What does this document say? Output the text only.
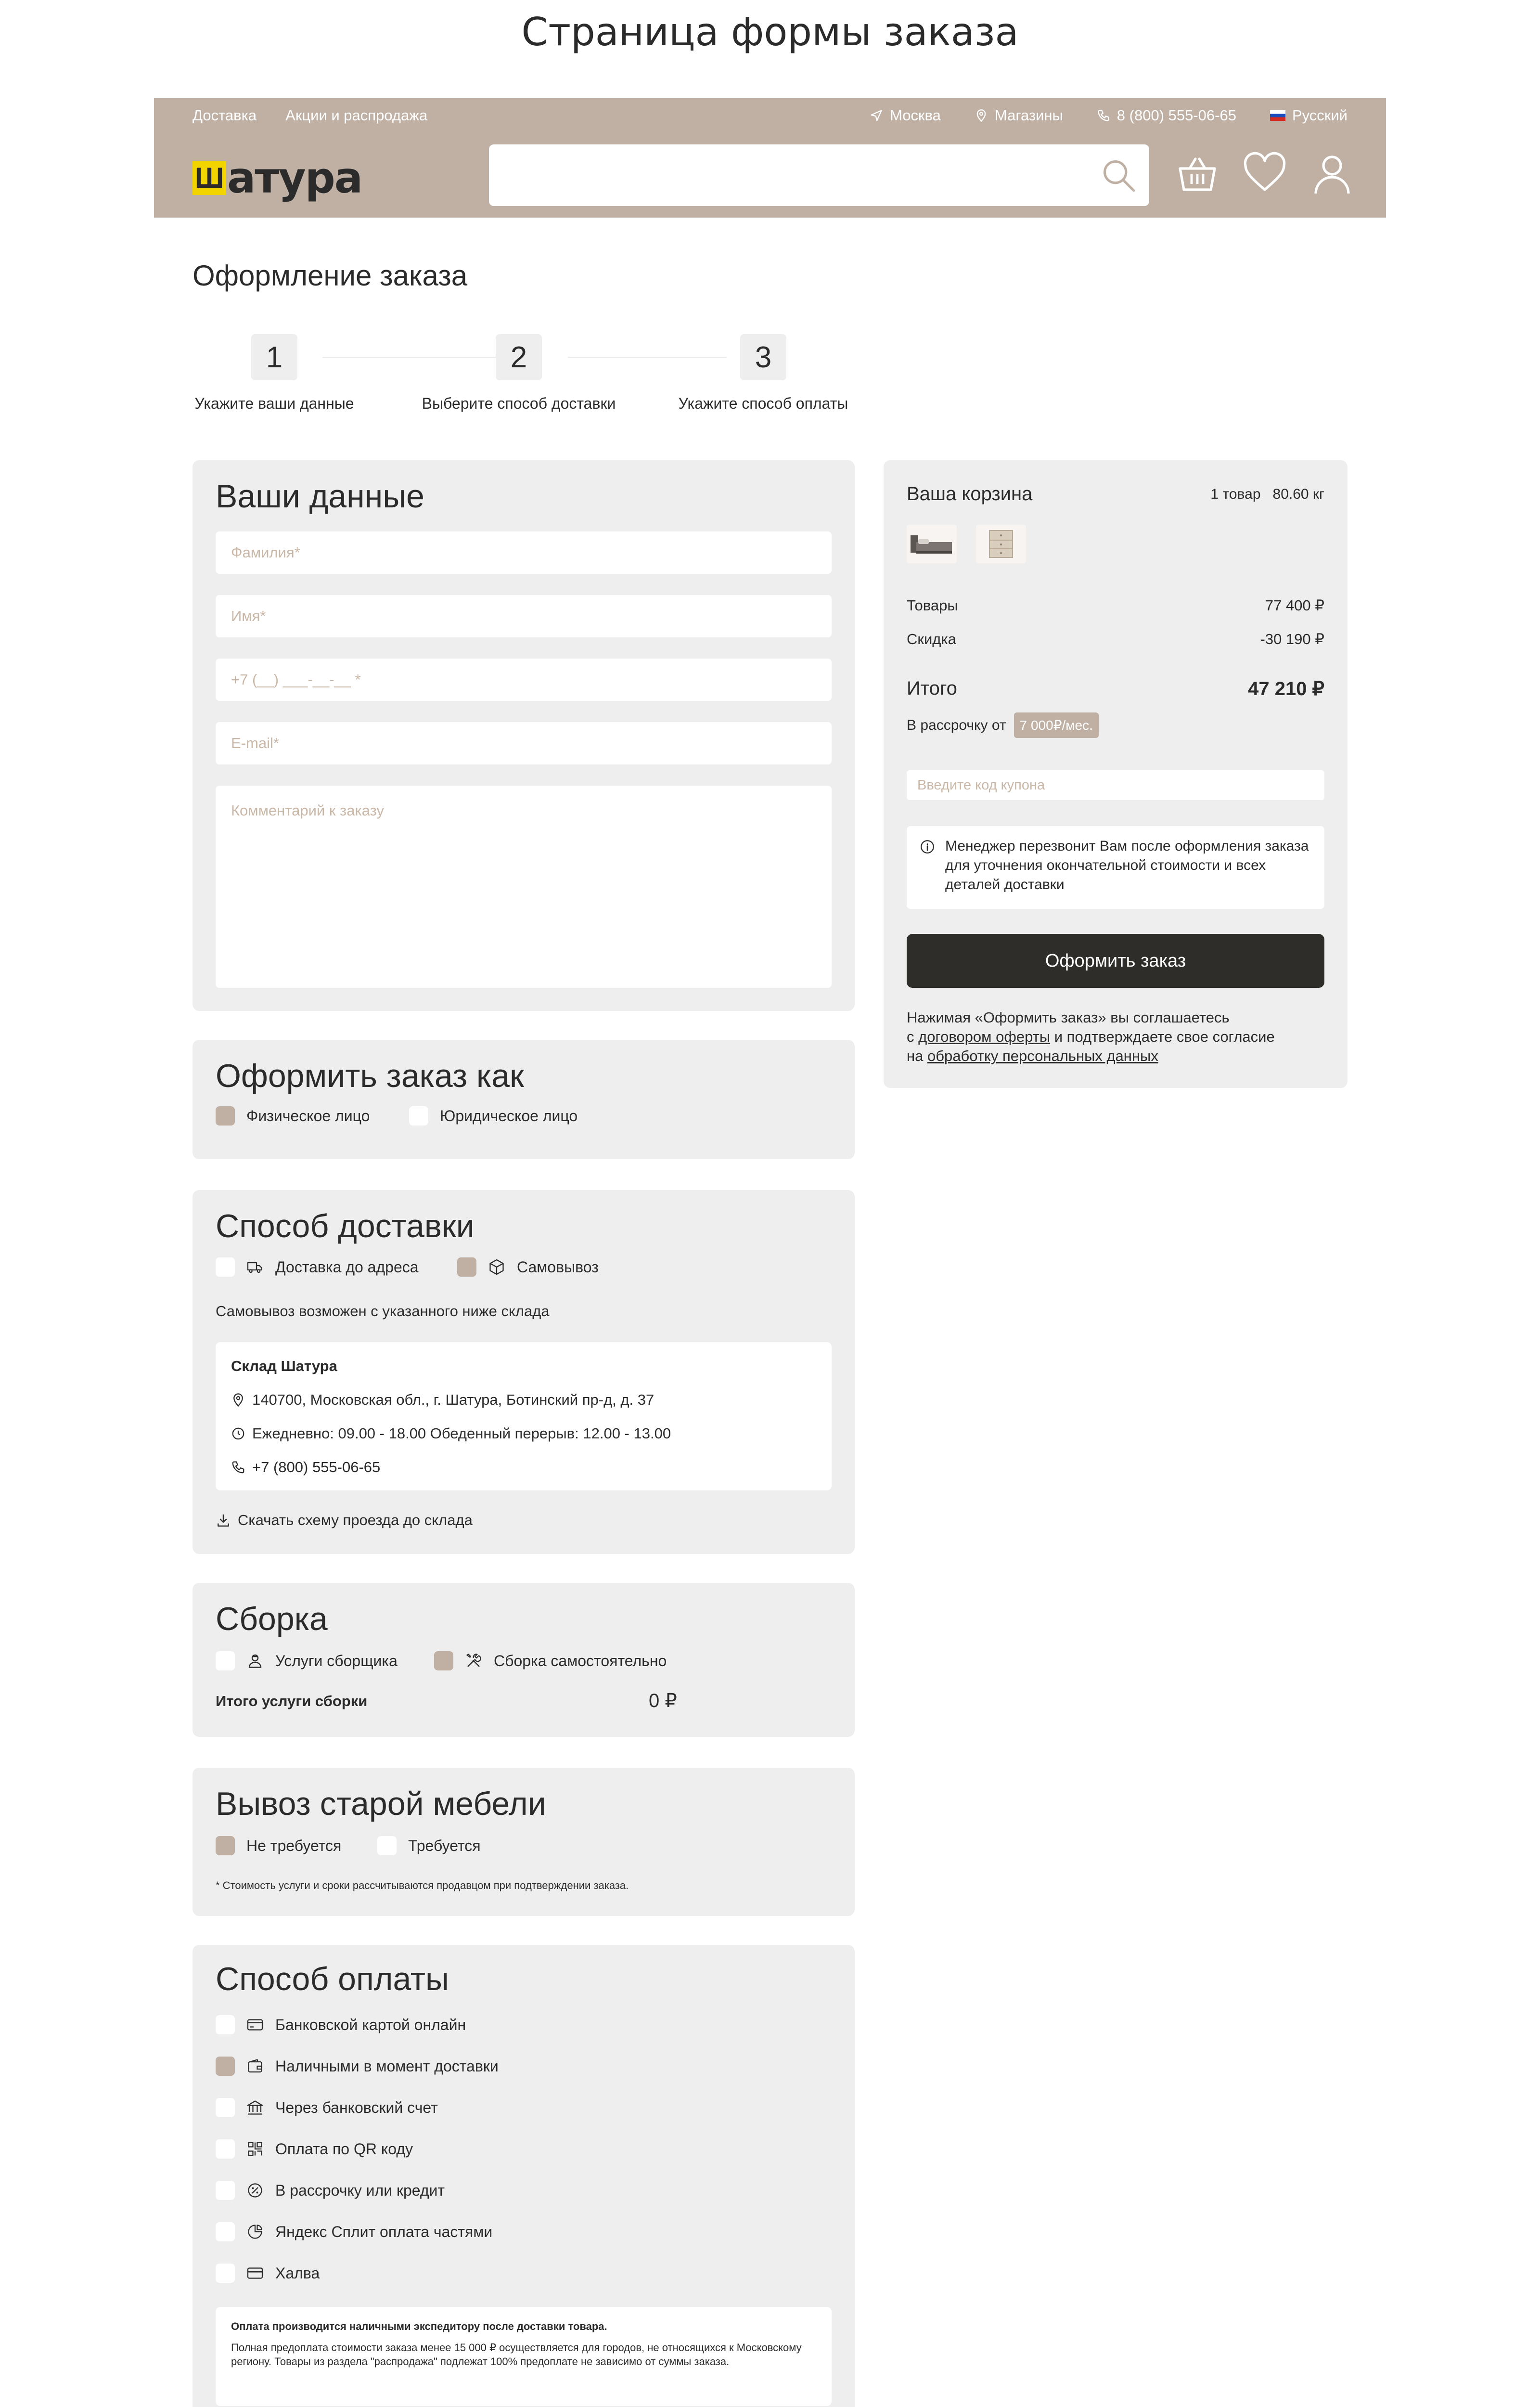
Страница формы заказа
Доставка Акции и распродажа	Москва	Магазины	8 (800) 555-06-65	Русский
Ш атура
Оформление заказа
1
Укажите ваши данные
2
Выберите способ доставки
3
Укажите способ оплаты
Ваши данные
Фамилия*
Имя*
+7 (__) ___-__-__ *
E-mail*
Комментарий к заказу
Оформить заказ как
Физическое лицо	Юридическое лицо
Способ доставки
Доставка до адреса	Самовывоз
Самовывоз возможен с указанного ниже склада
Склад Шатура
140700, Московская обл., г. Шатура, Ботинский пр-д, д. 37
Ежедневно: 09.00 - 18.00 Обеденный перерыв: 12.00 - 13.00
+7 (800) 555-06-65
Скачать схему проезда до склада
Сборка
Услуги сборщика	Сборка самостоятельно
Итого услуги сборки	0 ₽
Вывоз старой мебели
Не требуется	Требуется
* Стоимость услуги и сроки рассчитываются продавцом при подтверждении заказа.
Способ оплаты
Банковской картой онлайн
Наличными в момент доставки
Через банковский счет
Оплата по QR коду
В рассрочку или кредит
Яндекс Сплит оплата частями
Халва
Оплата производится наличными экспедитору после доставки товара.
Полная предоплата стоимости заказа менее 15 000 ₽ осуществляется для городов, не относящихся к Московскому региону. Товары из раздела "распродажа" подлежат 100% предоплате не зависимо от суммы заказа.
Ваша корзина	1 товар 80.60 кг
Товары	77 400 ₽
Скидка	-30 190 ₽
Итого	47 210 ₽
В рассрочку от	7 000₽/мес.
Введите код купона
Менеджер перезвонит Вам после оформления заказа для уточнения окончательной стоимости и всех деталей доставки
Оформить заказ
Нажимая «Оформить заказ» вы соглашаетесь
с договором оферты и подтверждаете свое согласие
на обработку персональных данных
